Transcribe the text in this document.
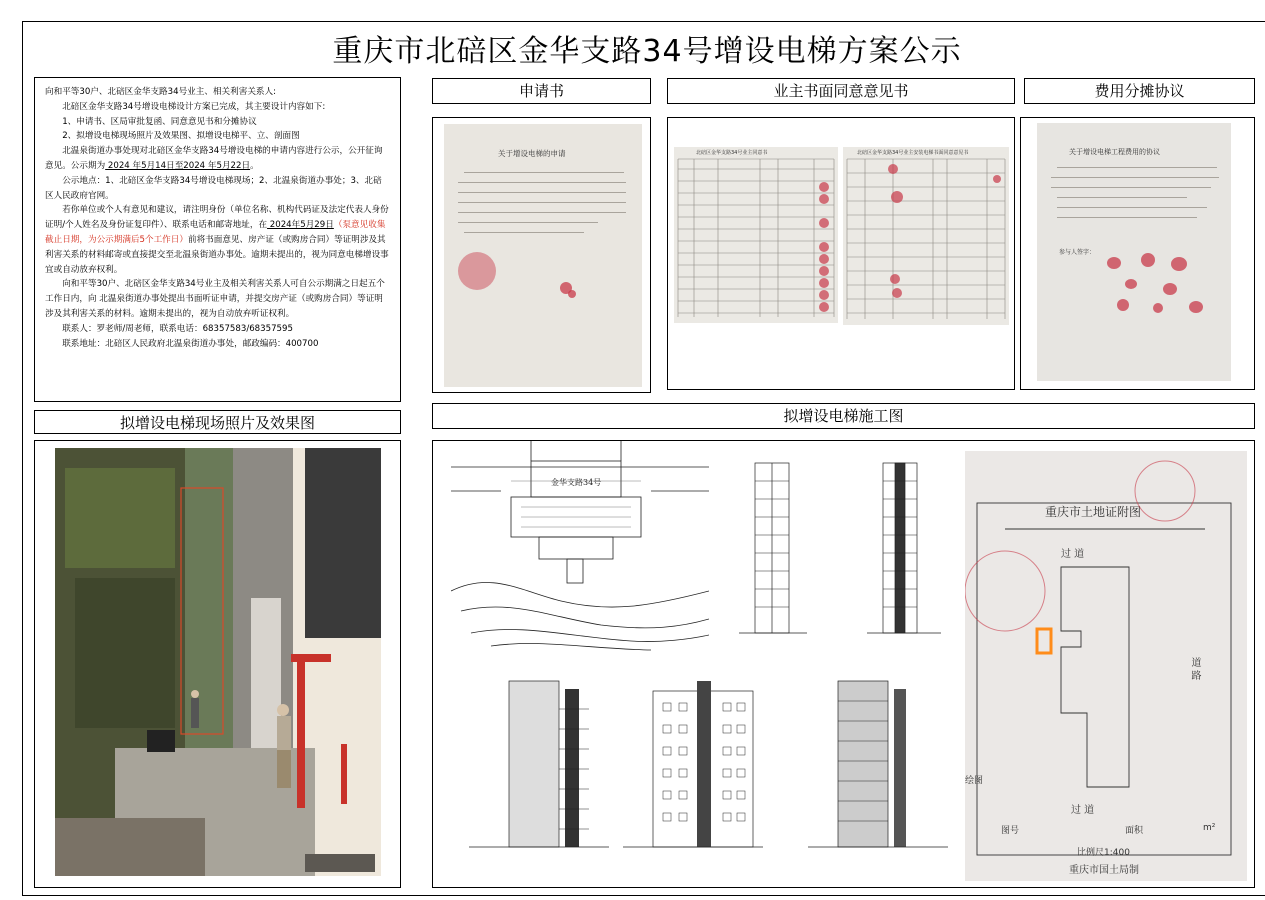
重庆市北碚区金华支路34号增设电梯方案公示

向和平等30户、北碚区金华支路34号业主、相关利害关系人:

北碚区金华支路34号增设电梯设计方案已完成，其主要设计内容如下:

1、申请书、区局审批复函、同意意见书和分摊协议

2、拟增设电梯现场照片及效果图、拟增设电梯平、立、剖面图

北温泉街道办事处现对北碚区金华支路34号增设电梯的申请内容进行公示，公开征询意见。公示期为 2024 年5月14日至2024 年5月22日。

公示地点：1、北碚区金华支路34号增设电梯现场；2、北温泉街道办事处；3、北碚区人民政府官网。

若你单位或个人有意见和建议，请注明身份（单位名称、机构代码证及法定代表人身份证明/个人姓名及身份证复印件）、联系电话和邮寄地址，在 2024年5月29日（泵意见收集截止日期，为公示期满后5个工作日）前将书面意见、房产证（或购房合同）等证明涉及其利害关系的材料邮寄或直接提交至北温泉街道办事处。逾期未提出的，视为同意电梯增设事宜或自动放弃权利。

向和平等30户、北碚区金华支路34号业主及相关利害关系人可自公示期满之日起五个工作日内，向 北温泉街道办事处提出书面听证申请，并提交房产证（或购房合同）等证明涉及其利害关系的材料。逾期未提出的，视为自动放弃听证权利。

联系人：罗老师/周老师，联系电话：68357583/68357595

联系地址：北碚区人民政府北温泉街道办事处，邮政编码：400700

申请书	业主书面同意意见书	费用分摊协议
拟增设电梯现场照片及效果图	拟增设电梯施工图
关于增设电梯的申请	北碚区金华支路34号业主同意书	北碚区金华支路34号业主安装电梯书面同意意见书	关于增设电梯工程费用的协议
参与人签字：
金华支路34号
重庆市土地证附图
过 道
道 路
过 道
绘图
图号	面积	m²
比例尺1:400
重庆市国土局制
